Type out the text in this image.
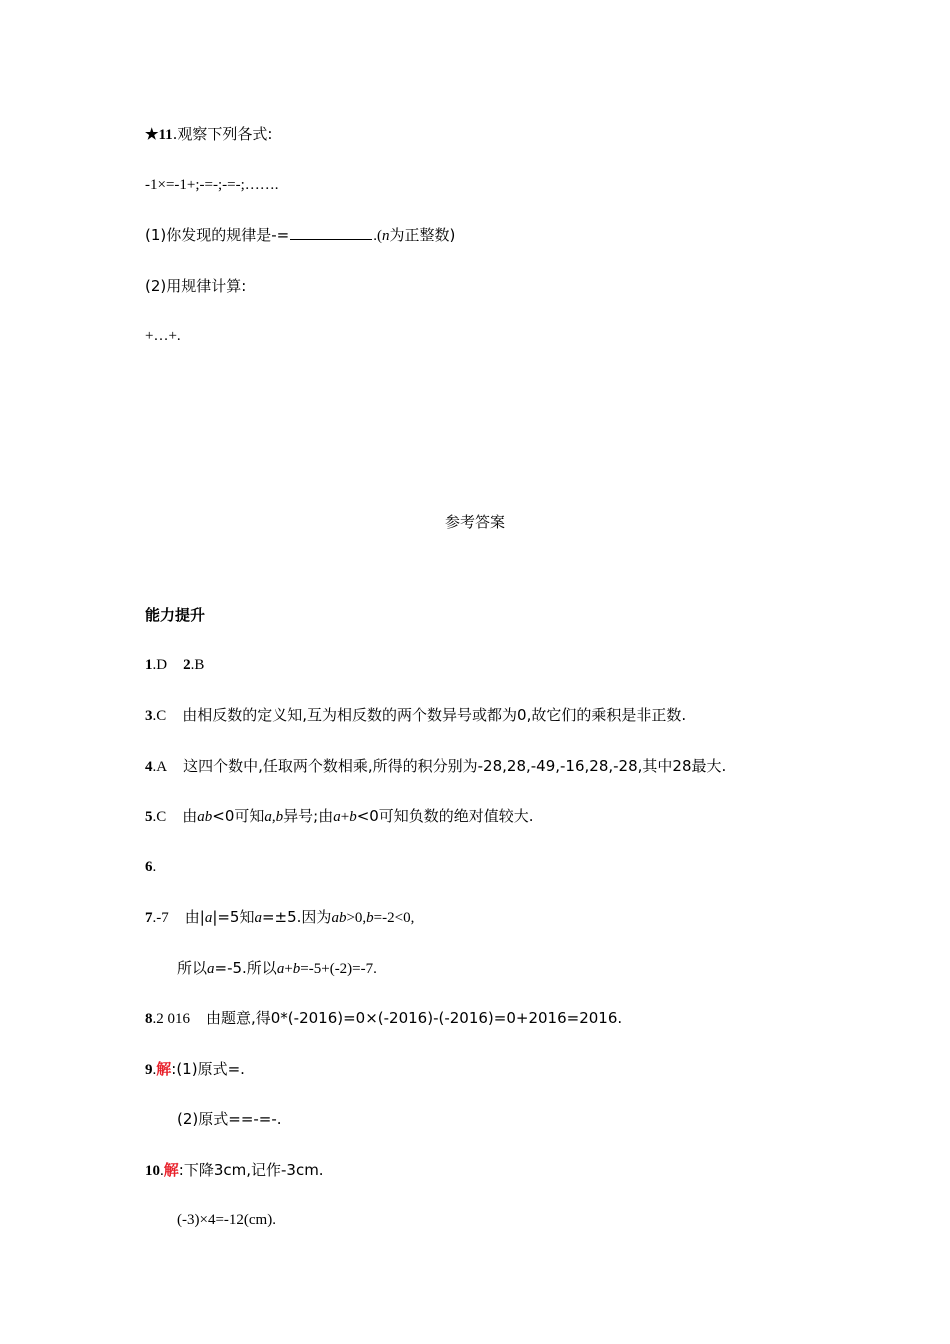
★11.观察下列各式:
-1×=-1+;-=-;-=-;…….
(1)你发现的规律是-=	.(n为正整数)
(2)用规律计算:
+…+.
参考答案
能力提升
1.D 2.B
3.C 由相反数的定义知,互为相反数的两个数异号或都为0,故它们的乘积是非正数.
4.A 这四个数中,任取两个数相乘,所得的积分别为-28,28,-49,-16,28,-28,其中28最大.
5.C 由ab<0可知a,b异号;由a+b<0可知负数的绝对值较大.
6.
7.-7 由|a|=5知a=±5.因为ab>0,b=-2<0,
所以a=-5.所以a+b=-5+(-2)=-7.
8.2 016 由题意,得0*(-2016)=0×(-2016)-(-2016)=0+2016=2016.
9.解:(1)原式=.
(2)原式==-=-.
10.解:下降3cm,记作-3cm.
(-3)×4=-12(cm).
